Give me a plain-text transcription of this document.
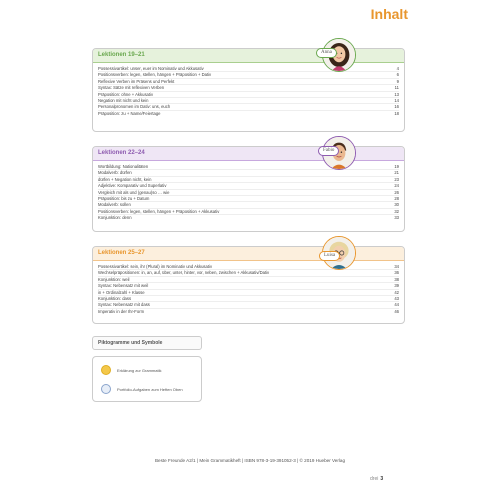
Inhalt
Lektionen 19–21
Possessivartikel: unser, euer im Nominativ und Akkusativ	4
Positionsverben: legen, stellen, hängen + Präposition + Dativ	6
Reflexive Verben im Präsens und Perfekt	9
Syntax: Sätze mit reflexiven Verben	11
Präposition: ohne + Akkusativ	13
Negation mit nicht und kein	14
Personalpronomen im Dativ: uns, euch	16
Präposition: zu + Name/Feiertage	18
Anna
Lektionen 22–24
Wortbildung: Nationalitäten	19
Modalverb: dürfen	21
dürfen + Negation nicht, kein	23
Adjektive: Komparativ und Superlativ	24
Vergleich mit als und (genau)so … wie	26
Präposition: bis zu + Datum	28
Modalverb: sollen	30
Positionsverben: legen, stellen, hängen + Präposition + Akkusativ	32
Konjunktion: denn	33
Fabio
Lektionen 25–27
Possessivartikel: sein, ihr (Plural) im Nominativ und Akkusativ	34
Wechselpräpositionen: in, an, auf, über, unter, hinter, vor, neben, zwischen + Akkusativ/Dativ	36
Konjunktion: weil	38
Syntax: Nebensatz mit weil	39
in + Ordinalzahl + Klasse	42
Konjunktion: dass	43
Syntax: Nebensatz mit dass	44
Imperativ in der Ihr-Form	46
Luisa
Piktogramme und Symbole
Erklärung zur Grammatik
Portfolio-Aufgaben zum Heften Oben
Beste Freunde A2/1 | Mein Grammatikheft | ISBN 978-3-19-391052-3 | © 2019 Hueber Verlag
drei 3
